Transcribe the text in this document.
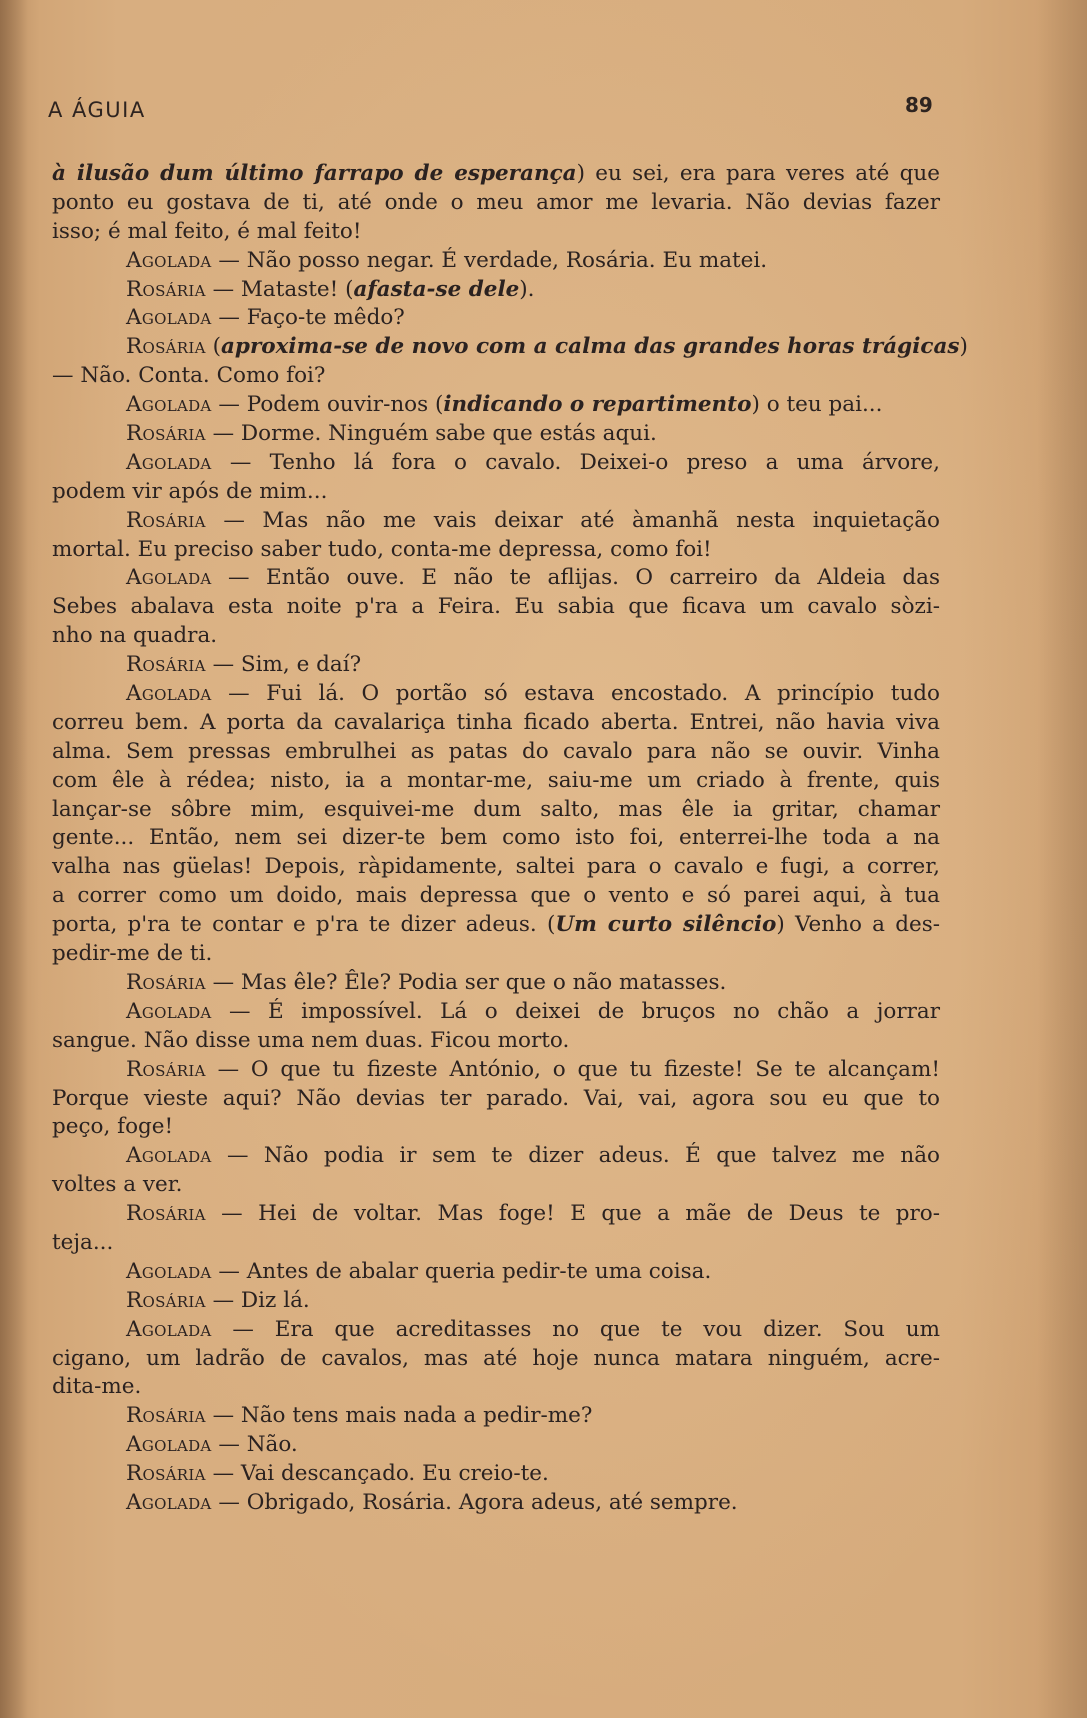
A ÁGUIA	89
à ilusão dum último farrapo de esperança) eu sei, era para veres até que
ponto eu gostava de ti, até onde o meu amor me levaria. Não devias fazer
isso; é mal feito, é mal feito!
Agolada — Não posso negar. É verdade, Rosária. Eu matei.
Rosária — Mataste! (afasta-se dele).
Agolada — Faço-te mêdo?
Rosária (aproxima-se de novo com a calma das grandes horas trágicas)
— Não. Conta. Como foi?
Agolada — Podem ouvir-nos (indicando o repartimento) o teu pai...
Rosária — Dorme. Ninguém sabe que estás aqui.
Agolada — Tenho lá fora o cavalo. Deixei-o preso a uma árvore,
podem vir após de mim...
Rosária — Mas não me vais deixar até àmanhã nesta inquietação
mortal. Eu preciso saber tudo, conta-me depressa, como foi!
Agolada — Então ouve. E não te aflijas. O carreiro da Aldeia das
Sebes abalava esta noite p'ra a Feira. Eu sabia que ficava um cavalo sòzi-
nho na quadra.
Rosária — Sim, e daí?
Agolada — Fui lá. O portão só estava encostado. A princípio tudo
correu bem. A porta da cavalariça tinha ficado aberta. Entrei, não havia viva
alma. Sem pressas embrulhei as patas do cavalo para não se ouvir. Vinha
com êle à rédea; nisto, ia a montar-me, saiu-me um criado à frente, quis
lançar-se sôbre mim, esquivei-me dum salto, mas êle ia gritar, chamar
gente... Então, nem sei dizer-te bem como isto foi, enterrei-lhe toda a na
valha nas güelas! Depois, ràpidamente, saltei para o cavalo e fugi, a correr,
a correr como um doido, mais depressa que o vento e só parei aqui, à tua
porta, p'ra te contar e p'ra te dizer adeus. (Um curto silêncio) Venho a des-
pedir-me de ti.
Rosária — Mas êle? Êle? Podia ser que o não matasses.
Agolada — É impossível. Lá o deixei de bruços no chão a jorrar
sangue. Não disse uma nem duas. Ficou morto.
Rosária — O que tu fizeste António, o que tu fizeste! Se te alcançam!
Porque vieste aqui? Não devias ter parado. Vai, vai, agora sou eu que to
peço, foge!
Agolada — Não podia ir sem te dizer adeus. É que talvez me não
voltes a ver.
Rosária — Hei de voltar. Mas foge! E que a mãe de Deus te pro-
teja...
Agolada — Antes de abalar queria pedir-te uma coisa.
Rosária — Diz lá.
Agolada — Era que acreditasses no que te vou dizer. Sou um
cigano, um ladrão de cavalos, mas até hoje nunca matara ninguém, acre-
dita-me.
Rosária — Não tens mais nada a pedir-me?
Agolada — Não.
Rosária — Vai descançado. Eu creio-te.
Agolada — Obrigado, Rosária. Agora adeus, até sempre.
